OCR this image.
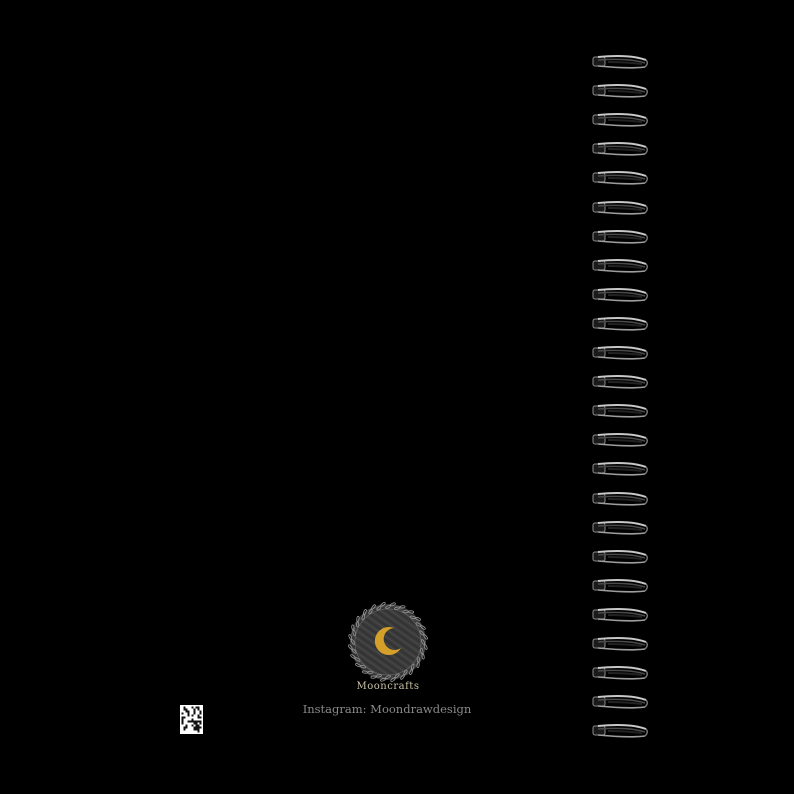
Mooncrafts
Instagram: Moondrawdesign
